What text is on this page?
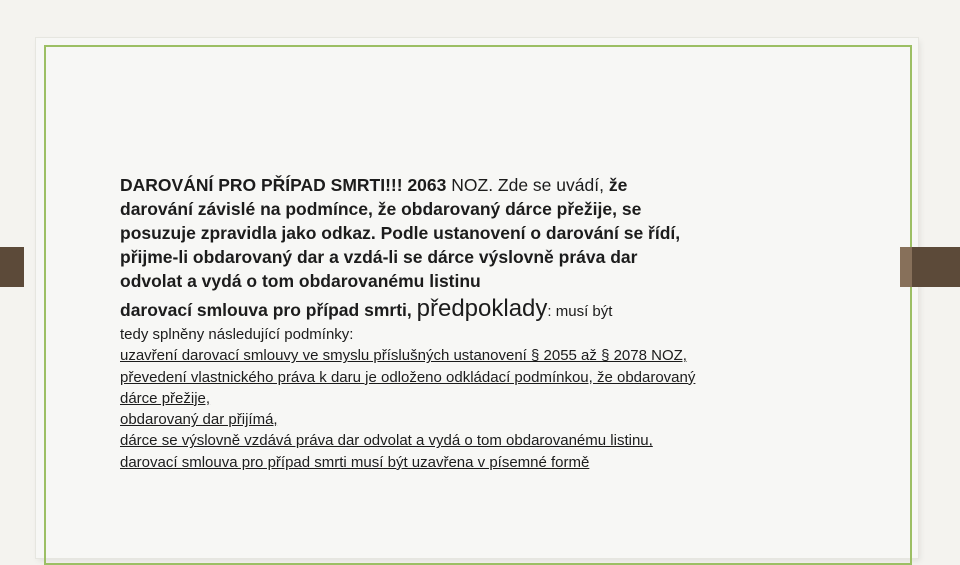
DAROVÁNÍ PRO PŘÍPAD SMRTI!!! 2063 NOZ. Zde se uvádí, že darování závislé na podmínce, že obdarovaný dárce přežije, se posuzuje zpravidla jako odkaz. Podle ustanovení o darování se řídí, přijme-li obdarovaný dar a vzdá-li se dárce výslovně práva dar odvolat a vydá o tom obdarovanému listinu

darovací smlouva pro případ smrti, předpoklady: musí být

tedy splněny následující podmínky:
uzavření darovací smlouvy ve smyslu příslušných ustanovení § 2055 až § 2078 NOZ,
převedení vlastnického práva k daru je odloženo odkládací podmínkou, že obdarovaný dárce přežije,
obdarovaný dar přijímá,
dárce se výslovně vzdává práva dar odvolat a vydá o tom obdarovanému listinu,
darovací smlouva pro případ smrti musí být uzavřena v písemné formě
